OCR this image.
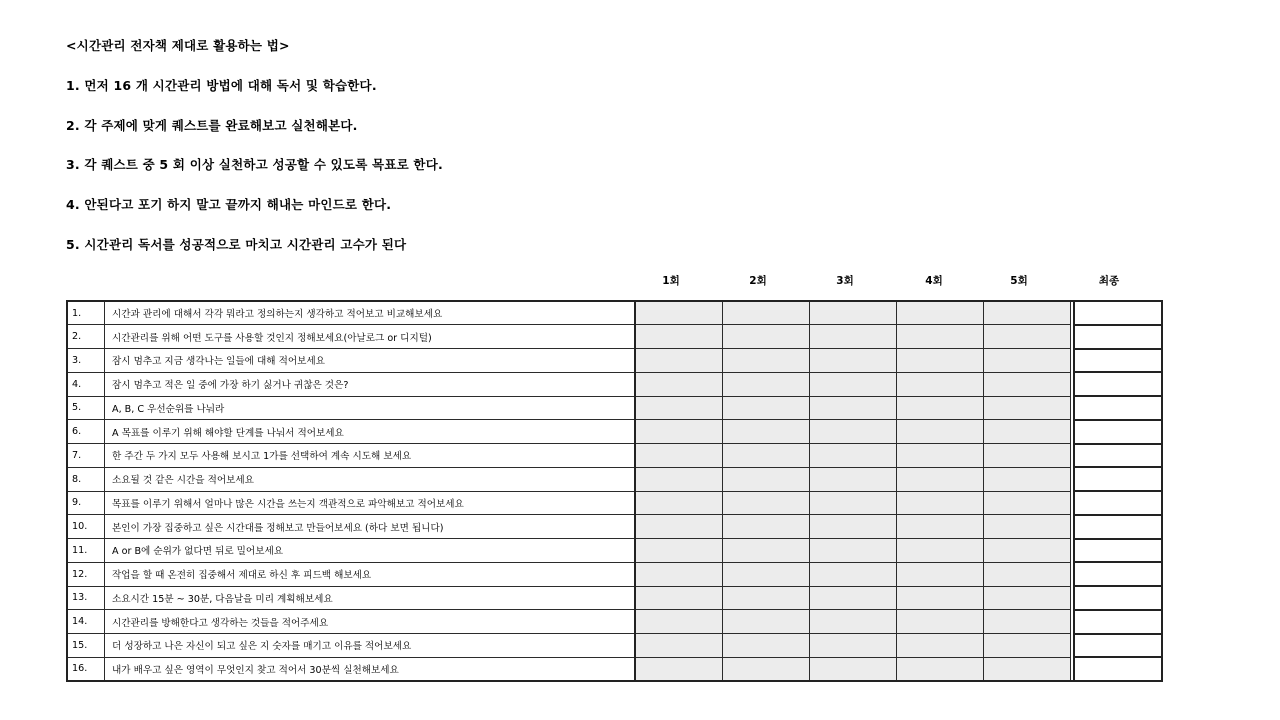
<시간관리 전자책 제대로 활용하는 법>
1. 먼저 16 개 시간관리 방법에 대해 독서 및 학습한다.
2. 각 주제에 맞게 퀘스트를 완료해보고 실천해본다.
3. 각 퀘스트 중 5 회 이상 실천하고 성공할 수 있도록 목표로 한다.
4. 안된다고 포기 하지 말고 끝까지 해내는 마인드로 한다.
5. 시간관리 독서를 성공적으로 마치고 시간관리 고수가 된다
1회	2회	3회	4회	5회	최종
1.	시간과 관리에 대해서 각각 뭐라고 정의하는지 생각하고 적어보고 비교해보세요							
2.	시간관리를 위해 어떤 도구를 사용할 것인지 정해보세요(아날로그 or 디지털)							
3.	잠시 멈추고 지금 생각나는 일들에 대해 적어보세요							
4.	잠시 멈추고 적은 일 중에 가장 하기 싫거나 귀찮은 것은?							
5.	A, B, C 우선순위를 나눠라							
6.	A 목표를 이루기 위해 해야할 단계를 나눠서 적어보세요							
7.	한 주간 두 가지 모두 사용해 보시고 1가를 선택하여 계속 시도해 보세요							
8.	소요될 것 같은 시간을 적어보세요							
9.	목표를 이루기 위해서 얼마나 많은 시간을 쓰는지 객관적으로 파악해보고 적어보세요							
10.	본인이 가장 집중하고 싶은 시간대를 정해보고 만들어보세요 (하다 보면 됩니다)							
11.	A or B에 순위가 없다면 뒤로 밀어보세요							
12.	작업을 할 때 온전히 집중해서 제대로 하신 후 피드백 해보세요							
13.	소요시간 15분 ~ 30분, 다음날을 미리 계획해보세요							
14.	시간관리를 방해한다고 생각하는 것들을 적어주세요							
15.	더 성장하고 나은 자신이 되고 싶은 지 숫자를 매기고 이유를 적어보세요							
16.	내가 배우고 싶은 영역이 무엇인지 찾고 적어서 30분씩 실천해보세요							
